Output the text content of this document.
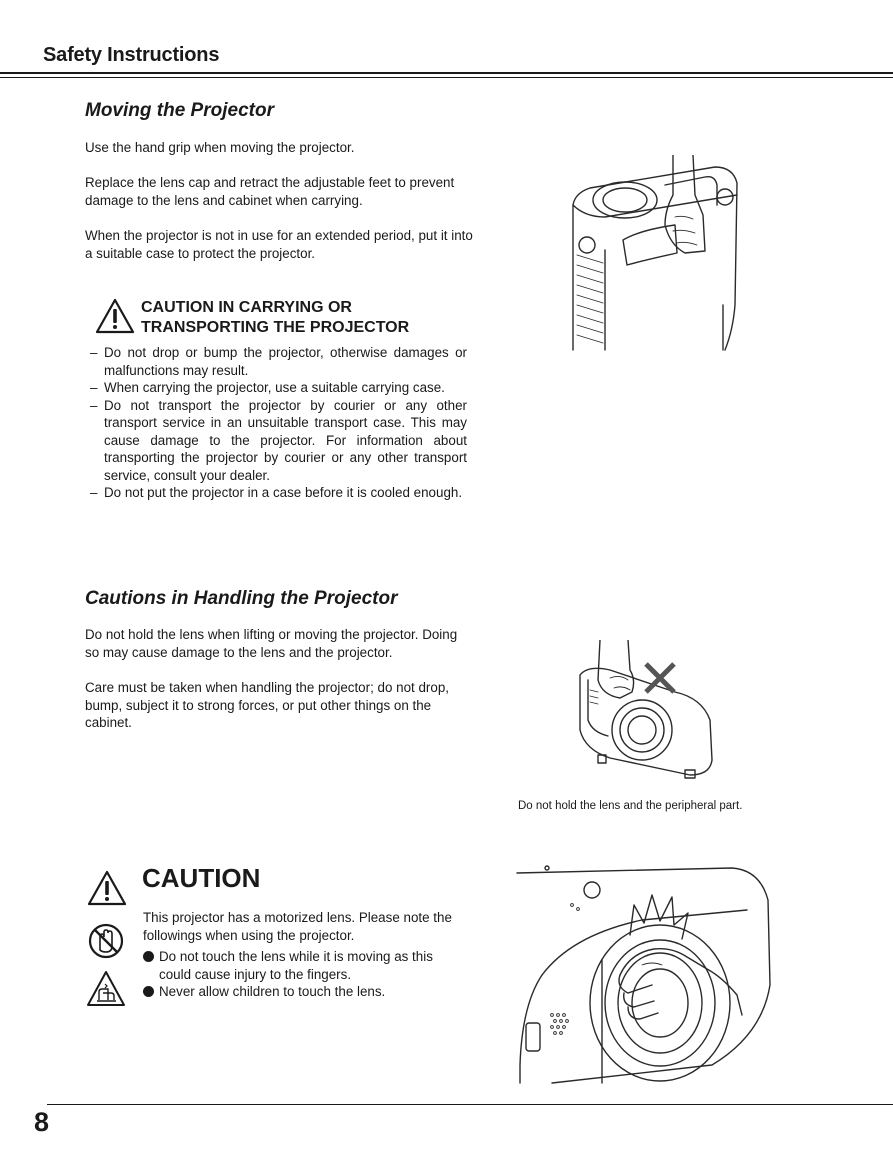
Safety Instructions
Moving the Projector
Use the hand grip when moving the projector.
Replace the lens cap and retract the adjustable feet to prevent damage to the lens and cabinet when carrying.
When the projector is not in use for an extended period, put it into a suitable case to protect the projector.
CAUTION IN CARRYING OR
TRANSPORTING THE PROJECTOR
– Do not drop or bump the projector, otherwise damages or malfunctions may result.
– When carrying the projector, use a suitable carrying case.
– Do not transport the projector by courier or any other transport service in an unsuitable transport case. This may cause damage to the projector. For information about transporting the projector by courier or any other transport service, consult your dealer.
– Do not put the projector in a case before it is cooled enough.
Cautions in Handling the Projector
Do not hold the lens when lifting or moving the projector. Doing so may cause damage to the lens and the projector.
Care must be taken when handling the projector; do not drop, bump, subject it to strong forces, or put other things on the cabinet.
Do not hold the lens and the peripheral part.
CAUTION
This projector has a motorized lens. Please note the followings when using the projector.
Do not touch the lens while it is moving as this could cause injury to the fingers.
Never allow children to touch the lens.
8
